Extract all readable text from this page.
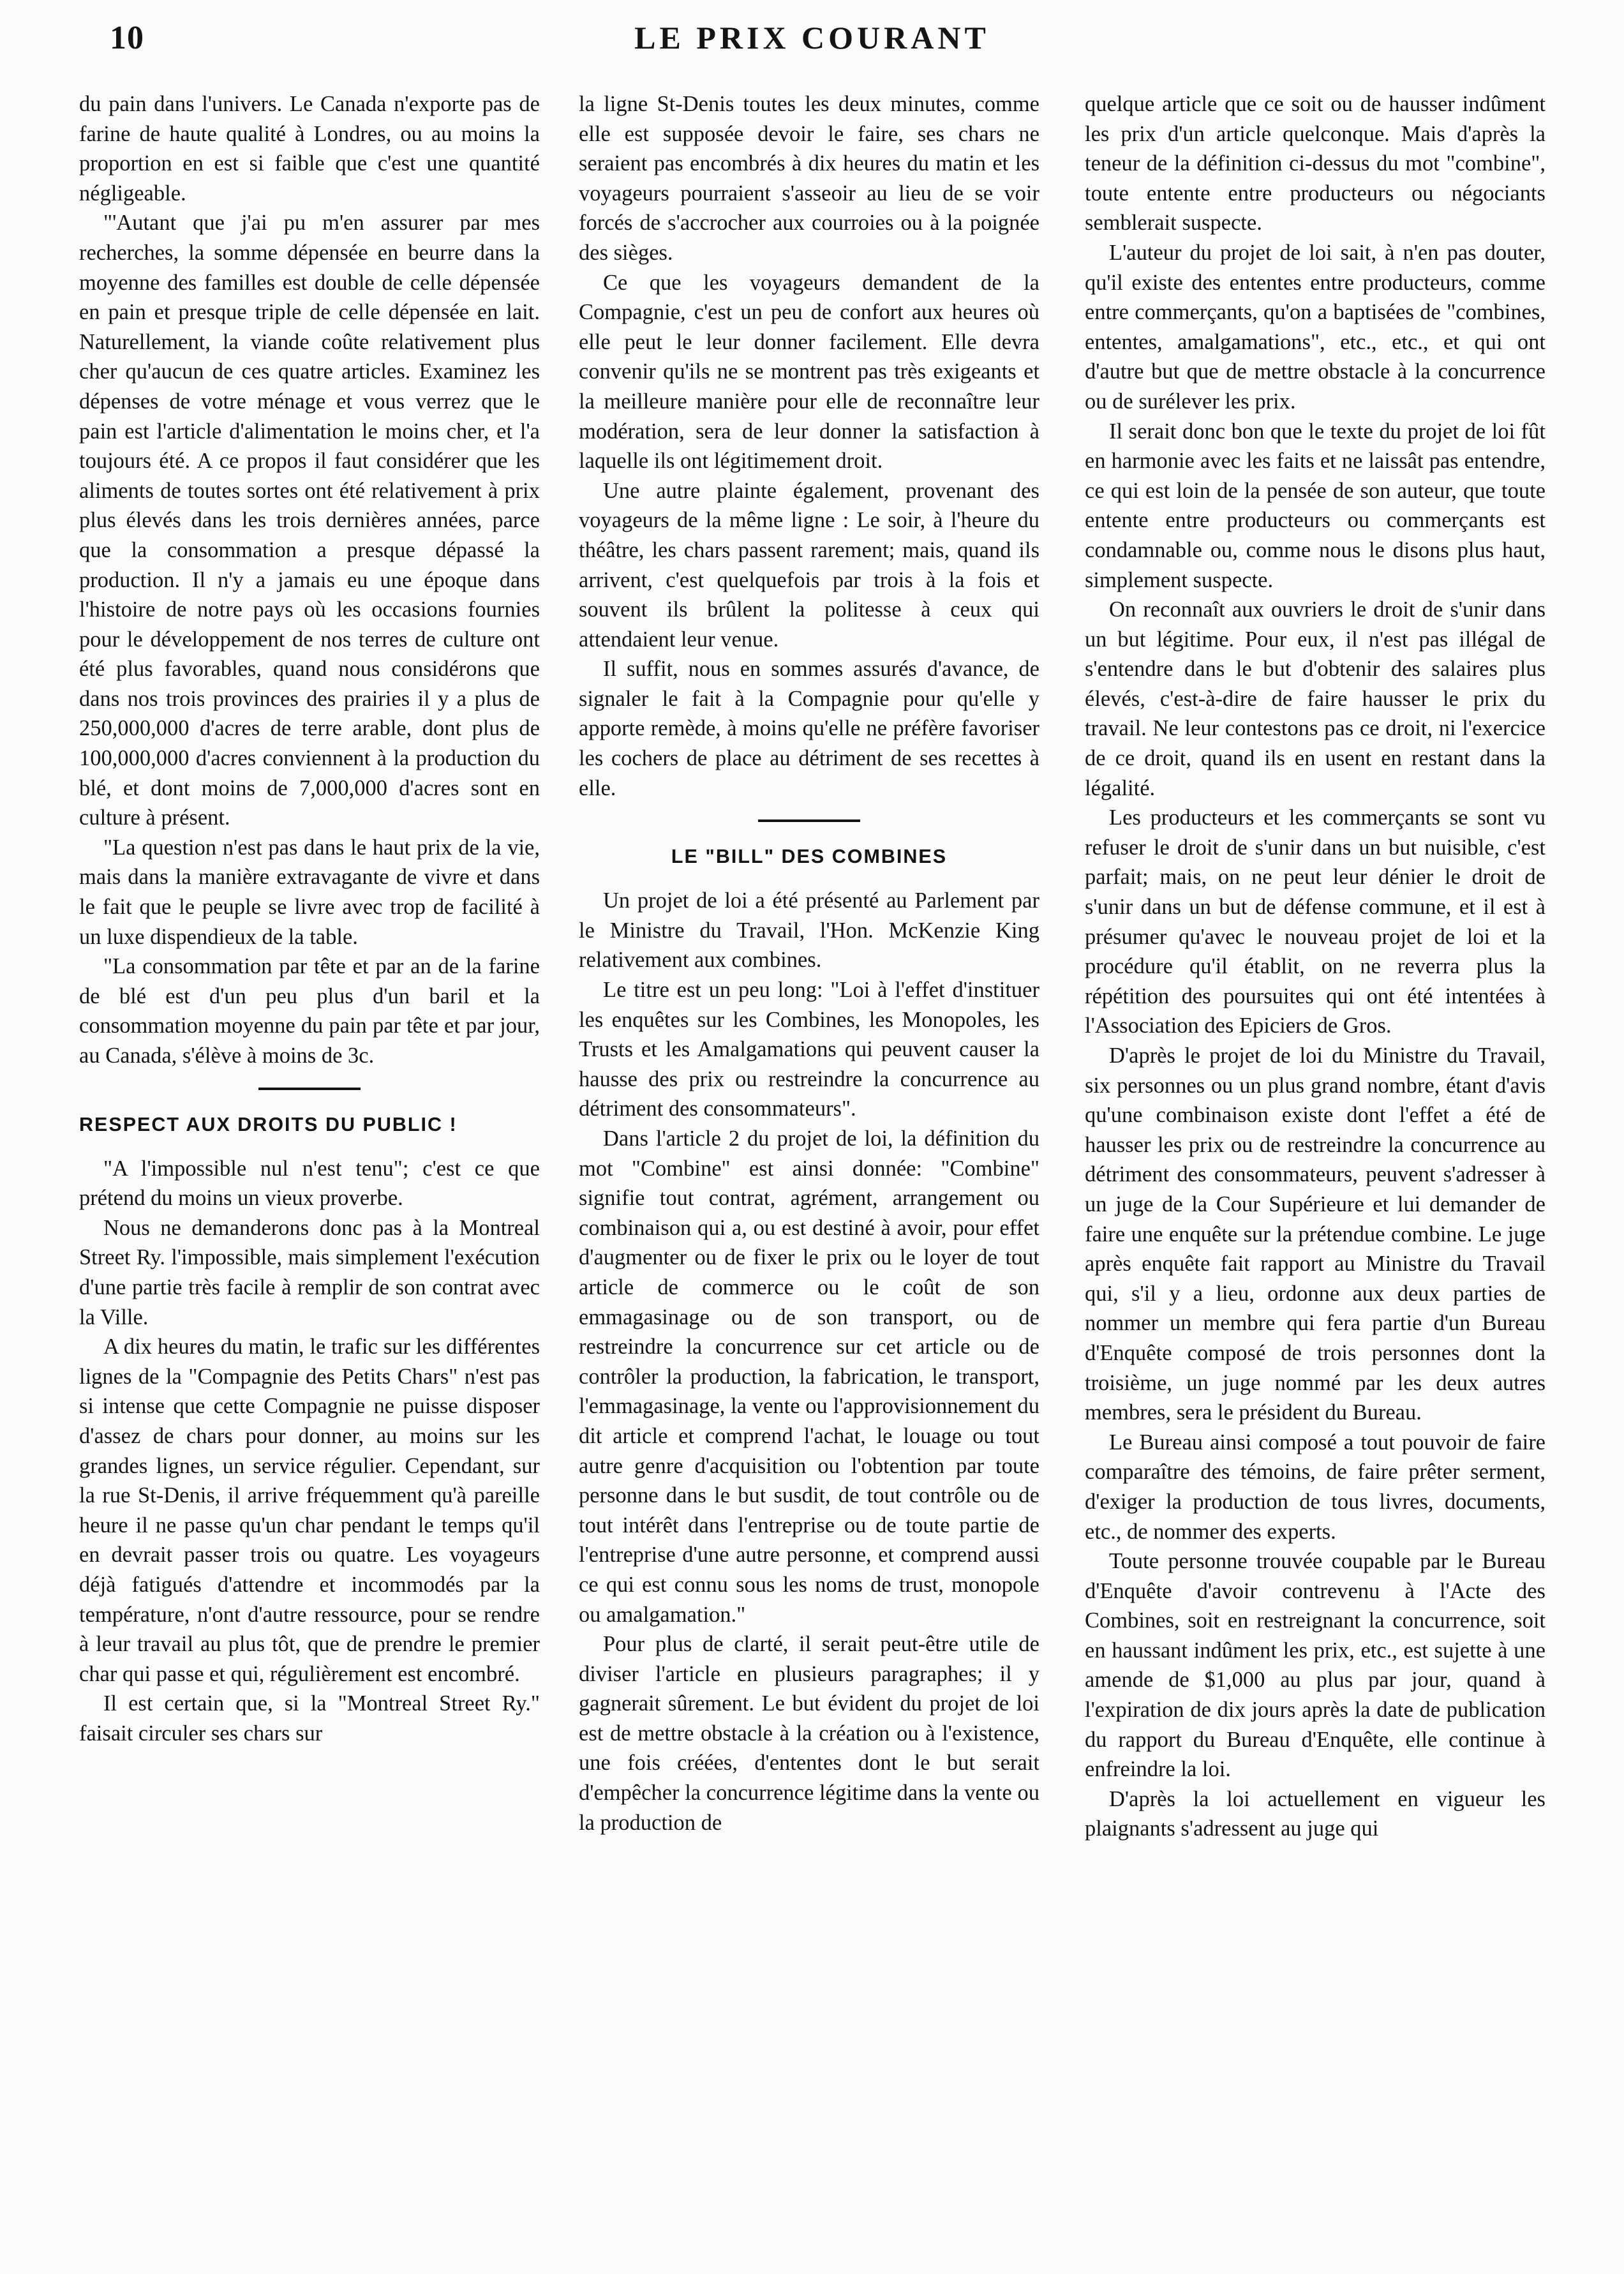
10	LE PRIX COURANT

du pain dans l'univers. Le Canada n'exporte pas de farine de haute qualité à Londres, ou au moins la proportion en est si faible que c'est une quantité négligeable.

"'Autant que j'ai pu m'en assurer par mes recherches, la somme dépensée en beurre dans la moyenne des familles est double de celle dépensée en pain et presque triple de celle dépensée en lait. Naturellement, la viande coûte relativement plus cher qu'aucun de ces quatre articles. Examinez les dépenses de votre ménage et vous verrez que le pain est l'article d'alimentation le moins cher, et l'a toujours été. A ce propos il faut considérer que les aliments de toutes sortes ont été relativement à prix plus élevés dans les trois dernières années, parce que la consommation a presque dépassé la production. Il n'y a jamais eu une époque dans l'histoire de notre pays où les occasions fournies pour le développement de nos terres de culture ont été plus favorables, quand nous considérons que dans nos trois provinces des prairies il y a plus de 250,000,000 d'acres de terre arable, dont plus de 100,000,000 d'acres conviennent à la production du blé, et dont moins de 7,000,000 d'acres sont en culture à présent.

"La question n'est pas dans le haut prix de la vie, mais dans la manière extravagante de vivre et dans le fait que le peuple se livre avec trop de facilité à un luxe dispendieux de la table.

"La consommation par tête et par an de la farine de blé est d'un peu plus d'un baril et la consommation moyenne du pain par tête et par jour, au Canada, s'élève à moins de 3c.

RESPECT AUX DROITS DU PUBLIC !

"A l'impossible nul n'est tenu"; c'est ce que prétend du moins un vieux proverbe.

Nous ne demanderons donc pas à la Montreal Street Ry. l'impossible, mais simplement l'exécution d'une partie très facile à remplir de son contrat avec la Ville.

A dix heures du matin, le trafic sur les différentes lignes de la "Compagnie des Petits Chars" n'est pas si intense que cette Compagnie ne puisse disposer d'assez de chars pour donner, au moins sur les grandes lignes, un service régulier. Cependant, sur la rue St-Denis, il arrive fréquemment qu'à pareille heure il ne passe qu'un char pendant le temps qu'il en devrait passer trois ou quatre. Les voyageurs déjà fatigués d'attendre et incommodés par la température, n'ont d'autre ressource, pour se rendre à leur travail au plus tôt, que de prendre le premier char qui passe et qui, régulièrement est encombré.

Il est certain que, si la "Montreal Street Ry." faisait circuler ses chars sur

la ligne St-Denis toutes les deux minutes, comme elle est supposée devoir le faire, ses chars ne seraient pas encombrés à dix heures du matin et les voyageurs pourraient s'asseoir au lieu de se voir forcés de s'accrocher aux courroies ou à la poignée des sièges.

Ce que les voyageurs demandent de la Compagnie, c'est un peu de confort aux heures où elle peut le leur donner facilement. Elle devra convenir qu'ils ne se montrent pas très exigeants et la meilleure manière pour elle de reconnaître leur modération, sera de leur donner la satisfaction à laquelle ils ont légitimement droit.

Une autre plainte également, provenant des voyageurs de la même ligne : Le soir, à l'heure du théâtre, les chars passent rarement; mais, quand ils arrivent, c'est quelquefois par trois à la fois et souvent ils brûlent la politesse à ceux qui attendaient leur venue.

Il suffit, nous en sommes assurés d'avance, de signaler le fait à la Compagnie pour qu'elle y apporte remède, à moins qu'elle ne préfère favoriser les cochers de place au détriment de ses recettes à elle.

LE "BILL" DES COMBINES

Un projet de loi a été présenté au Parlement par le Ministre du Travail, l'Hon. McKenzie King relativement aux combines.

Le titre est un peu long: "Loi à l'effet d'instituer les enquêtes sur les Combines, les Monopoles, les Trusts et les Amalgamations qui peuvent causer la hausse des prix ou restreindre la concurrence au détriment des consommateurs".

Dans l'article 2 du projet de loi, la définition du mot "Combine" est ainsi donnée: "Combine" signifie tout contrat, agrément, arrangement ou combinaison qui a, ou est destiné à avoir, pour effet d'augmenter ou de fixer le prix ou le loyer de tout article de commerce ou le coût de son emmagasinage ou de son transport, ou de restreindre la concurrence sur cet article ou de contrôler la production, la fabrication, le transport, l'emmagasinage, la vente ou l'approvisionnement du dit article et comprend l'achat, le louage ou tout autre genre d'acquisition ou l'obtention par toute personne dans le but susdit, de tout contrôle ou de tout intérêt dans l'entreprise ou de toute partie de l'entreprise d'une autre personne, et comprend aussi ce qui est connu sous les noms de trust, monopole ou amalgamation."

Pour plus de clarté, il serait peut-être utile de diviser l'article en plusieurs paragraphes; il y gagnerait sûrement. Le but évident du projet de loi est de mettre obstacle à la création ou à l'existence, une fois créées, d'ententes dont le but serait d'empêcher la concurrence légitime dans la vente ou la production de

quelque article que ce soit ou de hausser indûment les prix d'un article quelconque. Mais d'après la teneur de la définition ci-dessus du mot "combine", toute entente entre producteurs ou négociants semblerait suspecte.

L'auteur du projet de loi sait, à n'en pas douter, qu'il existe des ententes entre producteurs, comme entre commerçants, qu'on a baptisées de "combines, ententes, amalgamations", etc., etc., et qui ont d'autre but que de mettre obstacle à la concurrence ou de surélever les prix.

Il serait donc bon que le texte du projet de loi fût en harmonie avec les faits et ne laissât pas entendre, ce qui est loin de la pensée de son auteur, que toute entente entre producteurs ou commerçants est condamnable ou, comme nous le disons plus haut, simplement suspecte.

On reconnaît aux ouvriers le droit de s'unir dans un but légitime. Pour eux, il n'est pas illégal de s'entendre dans le but d'obtenir des salaires plus élevés, c'est-à-dire de faire hausser le prix du travail. Ne leur contestons pas ce droit, ni l'exercice de ce droit, quand ils en usent en restant dans la légalité.

Les producteurs et les commerçants se sont vu refuser le droit de s'unir dans un but nuisible, c'est parfait; mais, on ne peut leur dénier le droit de s'unir dans un but de défense commune, et il est à présumer qu'avec le nouveau projet de loi et la procédure qu'il établit, on ne reverra plus la répétition des poursuites qui ont été intentées à l'Association des Epiciers de Gros.

D'après le projet de loi du Ministre du Travail, six personnes ou un plus grand nombre, étant d'avis qu'une combinaison existe dont l'effet a été de hausser les prix ou de restreindre la concurrence au détriment des consommateurs, peuvent s'adresser à un juge de la Cour Supérieure et lui demander de faire une enquête sur la prétendue combine. Le juge après enquête fait rapport au Ministre du Travail qui, s'il y a lieu, ordonne aux deux parties de nommer un membre qui fera partie d'un Bureau d'Enquête composé de trois personnes dont la troisième, un juge nommé par les deux autres membres, sera le président du Bureau.

Le Bureau ainsi composé a tout pouvoir de faire comparaître des témoins, de faire prêter serment, d'exiger la production de tous livres, documents, etc., de nommer des experts.

Toute personne trouvée coupable par le Bureau d'Enquête d'avoir contrevenu à l'Acte des Combines, soit en restreignant la concurrence, soit en haussant indûment les prix, etc., est sujette à une amende de $1,000 au plus par jour, quand à l'expiration de dix jours après la date de publication du rapport du Bureau d'Enquête, elle continue à enfreindre la loi.

D'après la loi actuellement en vigueur les plaignants s'adressent au juge qui
